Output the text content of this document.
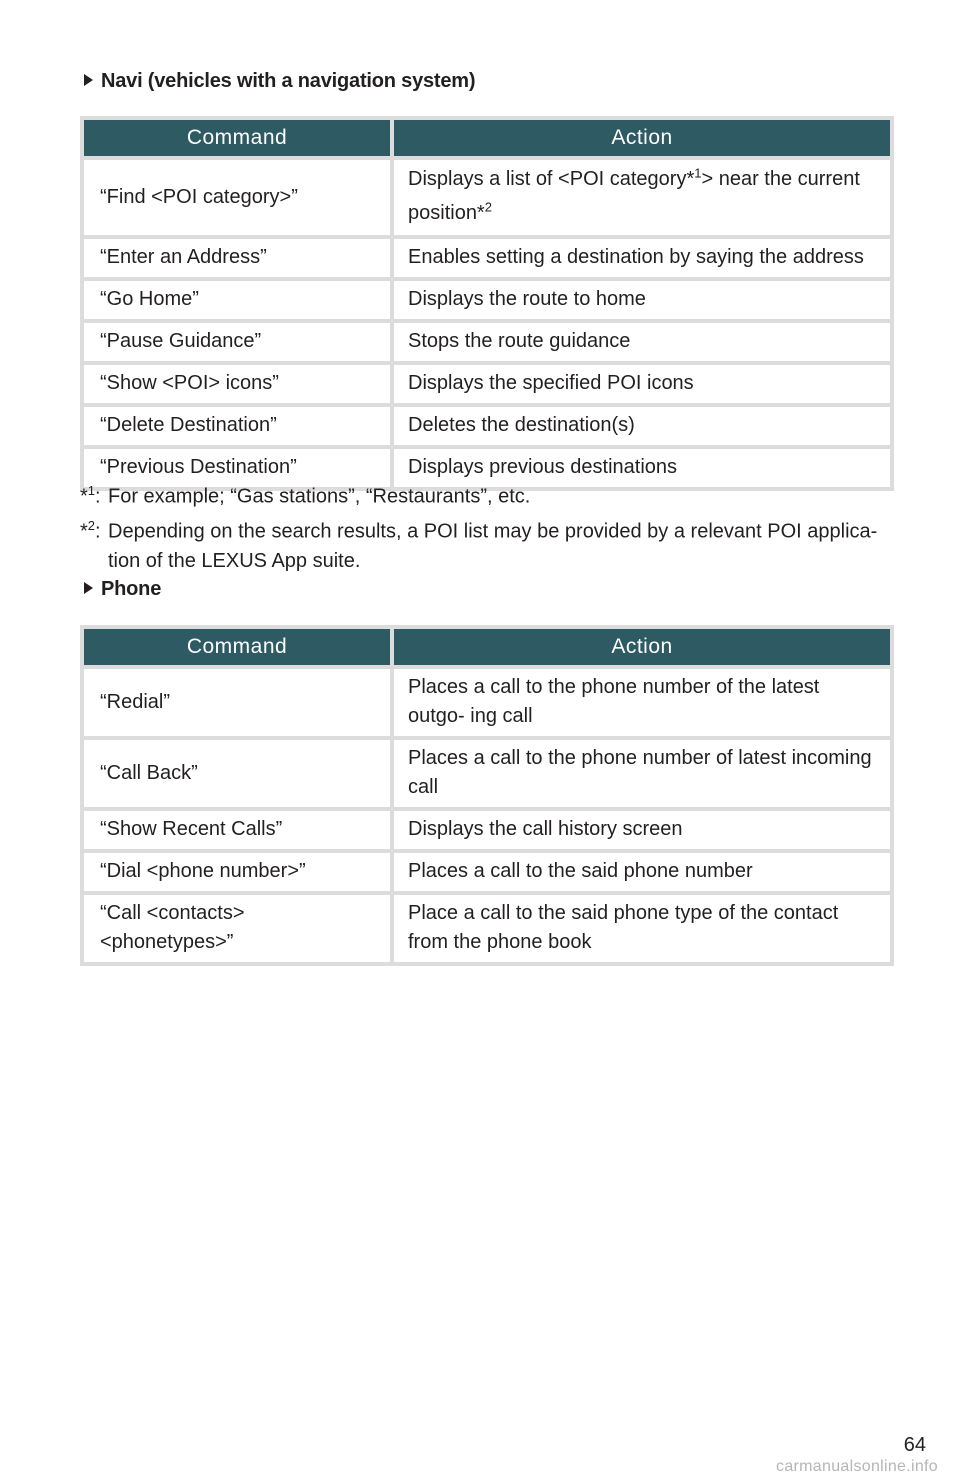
Navi (vehicles with a navigation system)
Command	Action
“Find <POI category>”	Displays a list of <POI category*$^1$> near the current position*$^2$
“Enter an Address”	Enables setting a destination by saying the address
“Go Home”	Displays the route to home
“Pause Guidance”	Stops the route guidance
“Show <POI> icons”	Displays the specified POI icons
“Delete Destination”	Deletes the destination(s)
“Previous Destination”	Displays previous destinations
*$^1$: For example; “Gas stations”, “Restaurants”, etc.
*$^2$: Depending on the search results, a POI list may be provided by a relevant POI applica-
tion of the LEXUS App suite.
Phone
Command	Action
“Redial”	Places a call to the phone number of the latest outgo- ing call
“Call Back”	Places a call to the phone number of latest incoming call
“Show Recent Calls”	Displays the call history screen
“Dial <phone number>”	Places a call to the said phone number
“Call <contacts> <phonetypes>”	Place a call to the said phone type of the contact from the phone book
64
carmanualsonline.info
